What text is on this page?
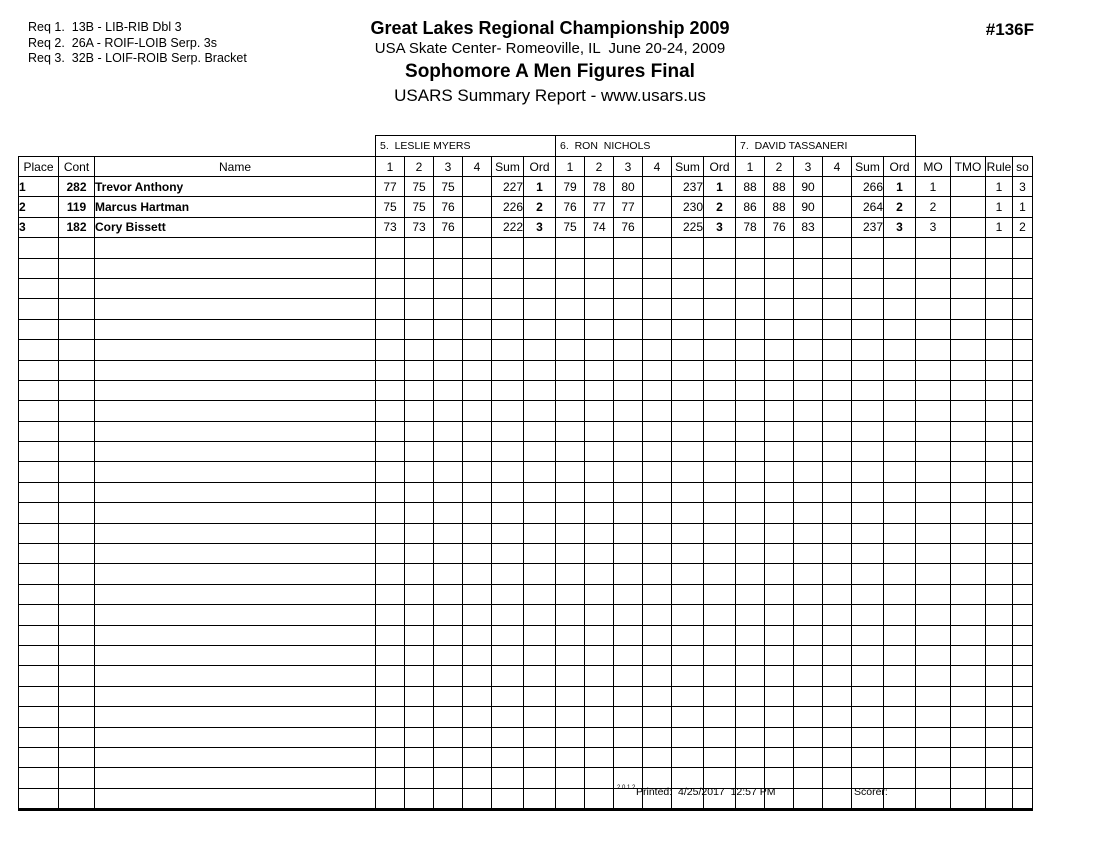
Req 1.  13B - LIB-RIB Dbl 3
Req 2.  26A - ROIF-LOIB Serp. 3s
Req 3.  32B - LOIF-ROIB Serp. Bracket
Great Lakes Regional Championship 2009
USA Skate Center- Romeoville, IL  June 20-24, 2009
Sophomore A Men Figures Final
USARS Summary Report - www.usars.us
#136F
			5.  LESLIE MYERS						6.  RON  NICHOLS						7.  DAVID TASSANERI									
Place	Cont	Name	1	2	3	4	Sum	Ord	1	2	3	4	Sum	Ord	1	2	3	4	Sum	Ord	MO	TMO	Rule	so
1	282	Trevor Anthony	77	75	75		227	1	79	78	80		237	1	88	88	90		266	1	1		1	3
2	119	Marcus Hartman	75	75	76		226	2	76	77	77		230	2	86	88	90		264	2	2		1	1
3	182	Cory Bissett	73	73	76		222	3	75	74	76		225	3	78	76	83		237	3	3		1	2

2.0.1.2 Printed: 4/25/2017  12:57 PM	Scorer:
